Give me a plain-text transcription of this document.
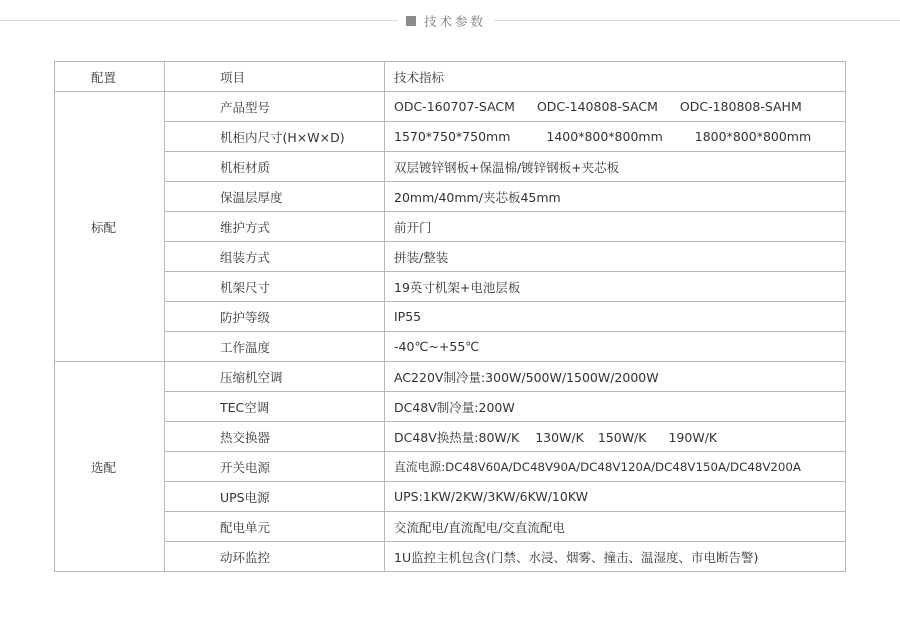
技术参数
配置	项目	技术指标
标配	产品型号	ODC-160707-SACM ODC-140808-SACM ODC-180808-SAHM
	机柜内尺寸(H×W×D)	1570*750*750mm 1400*800*800mm 1800*800*800mm
	机柜材质	双层镀锌钢板+保温棉/镀锌钢板+夹芯板
	保温层厚度	20mm/40mm/夹芯板45mm
	维护方式	前开门
	组装方式	拼装/整装
	机架尺寸	19英寸机架+电池层板
	防护等级	IP55
	工作温度	-40℃~+55℃
选配	压缩机空调	AC220V制冷量:300W/500W/1500W/2000W
	TEC空调	DC48V制冷量:200W
	热交换器	DC48V换热量:80W/K 130W/K 150W/K 190W/K
	开关电源	直流电源:DC48V60A/DC48V90A/DC48V120A/DC48V150A/DC48V200A
	UPS电源	UPS:1KW/2KW/3KW/6KW/10KW
	配电单元	交流配电/直流配电/交直流配电
	动环监控	1U监控主机包含(门禁、水浸、烟雾、撞击、温湿度、市电断告警)
